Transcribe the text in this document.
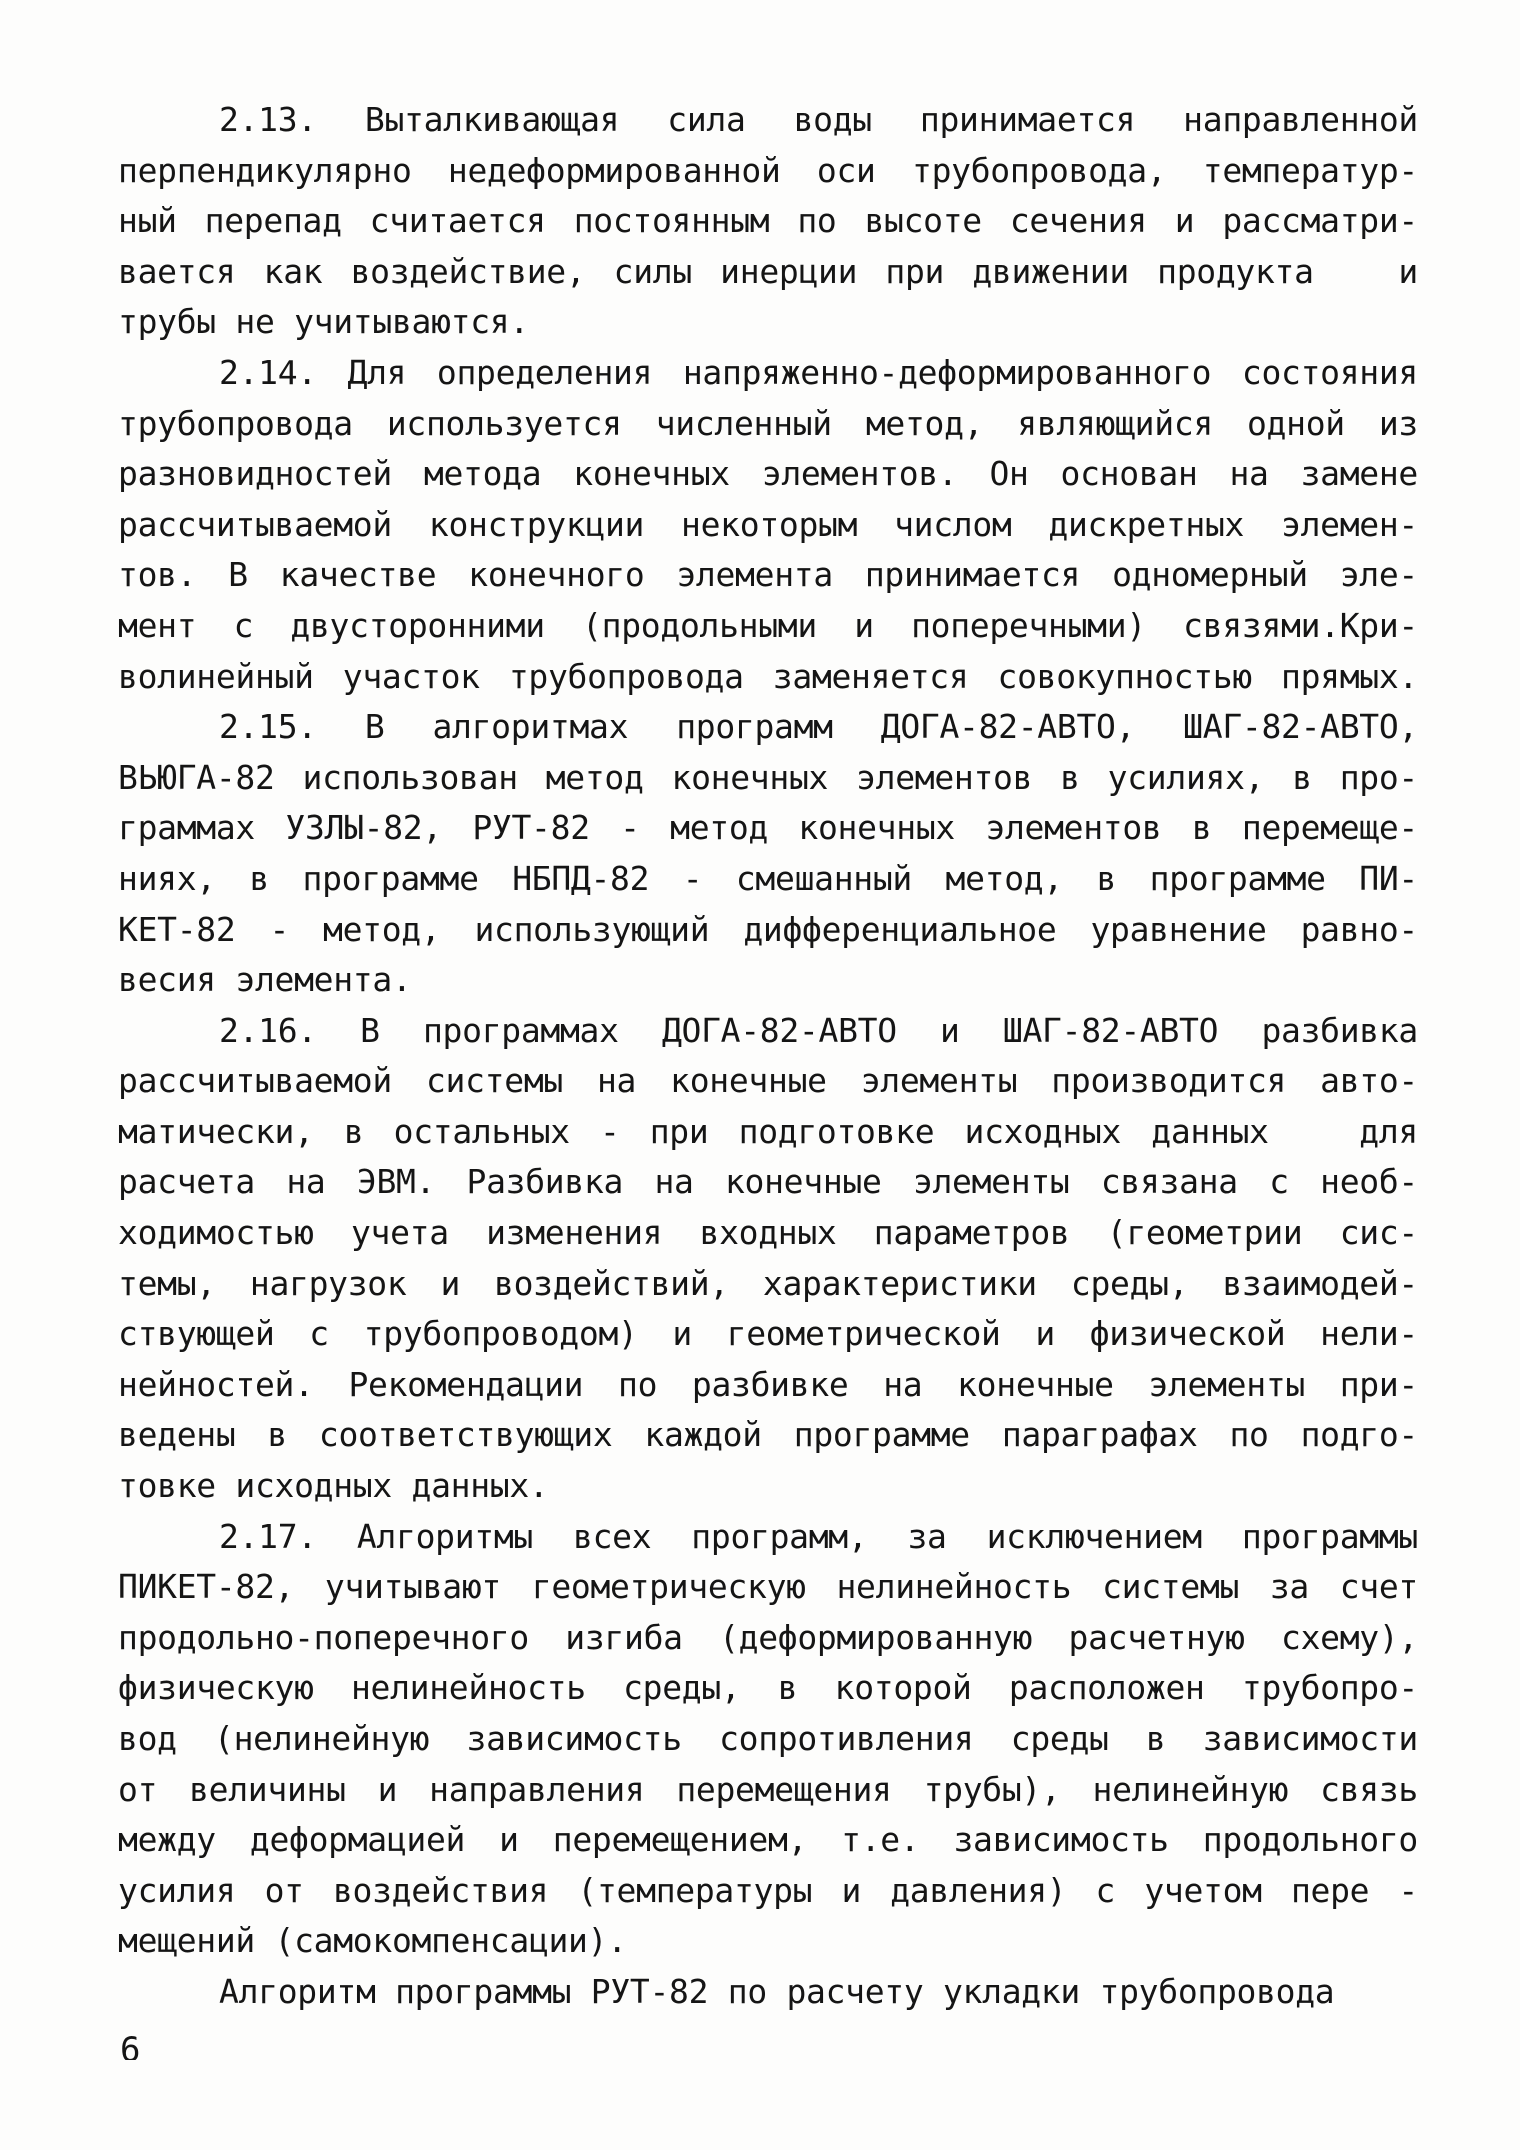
2.13. Выталкивающая сила воды принимается направленной
перпендикулярно недеформированной оси трубопровода, температур-
ный перепад считается постоянным по высоте сечения и рассматри-
вается как воздействие, силы инерции при движении продукта   и
трубы не учитываются.
2.14. Для определения напряженно-деформированного состояния
трубопровода используется численный метод, являющийся одной из
разновидностей метода конечных элементов. Он основан на замене
рассчитываемой конструкции некоторым числом дискретных элемен-
тов. В качестве конечного элемента принимается одномерный эле-
мент с двусторонними (продольными и поперечными) связями.Кри-
волинейный участок трубопровода заменяется совокупностью прямых.
2.15. В алгоритмах программ ДОГА-82-АВТО, ШАГ-82-АВТО,
ВЬЮГА-82 использован метод конечных элементов в усилиях, в про-
граммах УЗЛЫ-82, РУТ-82 - метод конечных элементов в перемеще-
ниях, в программе НБПД-82 - смешанный метод, в программе ПИ-
КЕТ-82 - метод, использующий дифференциальное уравнение равно-
весия элемента.
2.16. В программах ДОГА-82-АВТО и ШАГ-82-АВТО разбивка
рассчитываемой системы на конечные элементы производится авто-
матически, в остальных - при подготовке исходных данных   для
расчета на ЭВМ. Разбивка на конечные элементы связана с необ-
ходимостью учета изменения входных параметров (геометрии сис-
темы, нагрузок и воздействий, характеристики среды, взаимодей-
ствующей с трубопроводом) и геометрической и физической нели-
нейностей. Рекомендации по разбивке на конечные элементы при-
ведены в соответствующих каждой программе параграфах по подго-
товке исходных данных.
2.17. Алгоритмы всех программ, за исключением программы
ПИКЕТ-82, учитывают геометрическую нелинейность системы за счет
продольно-поперечного изгиба (деформированную расчетную схему),
физическую нелинейность среды, в которой расположен трубопро-
вод (нелинейную зависимость сопротивления среды в зависимости
от величины и направления перемещения трубы), нелинейную связь
между деформацией и перемещением, т.е. зависимость продольного
усилия от воздействия (температуры и давления) с учетом пере -
мещений (самокомпенсации).
Алгоритм программы РУТ-82 по расчету укладки трубопровода
6
